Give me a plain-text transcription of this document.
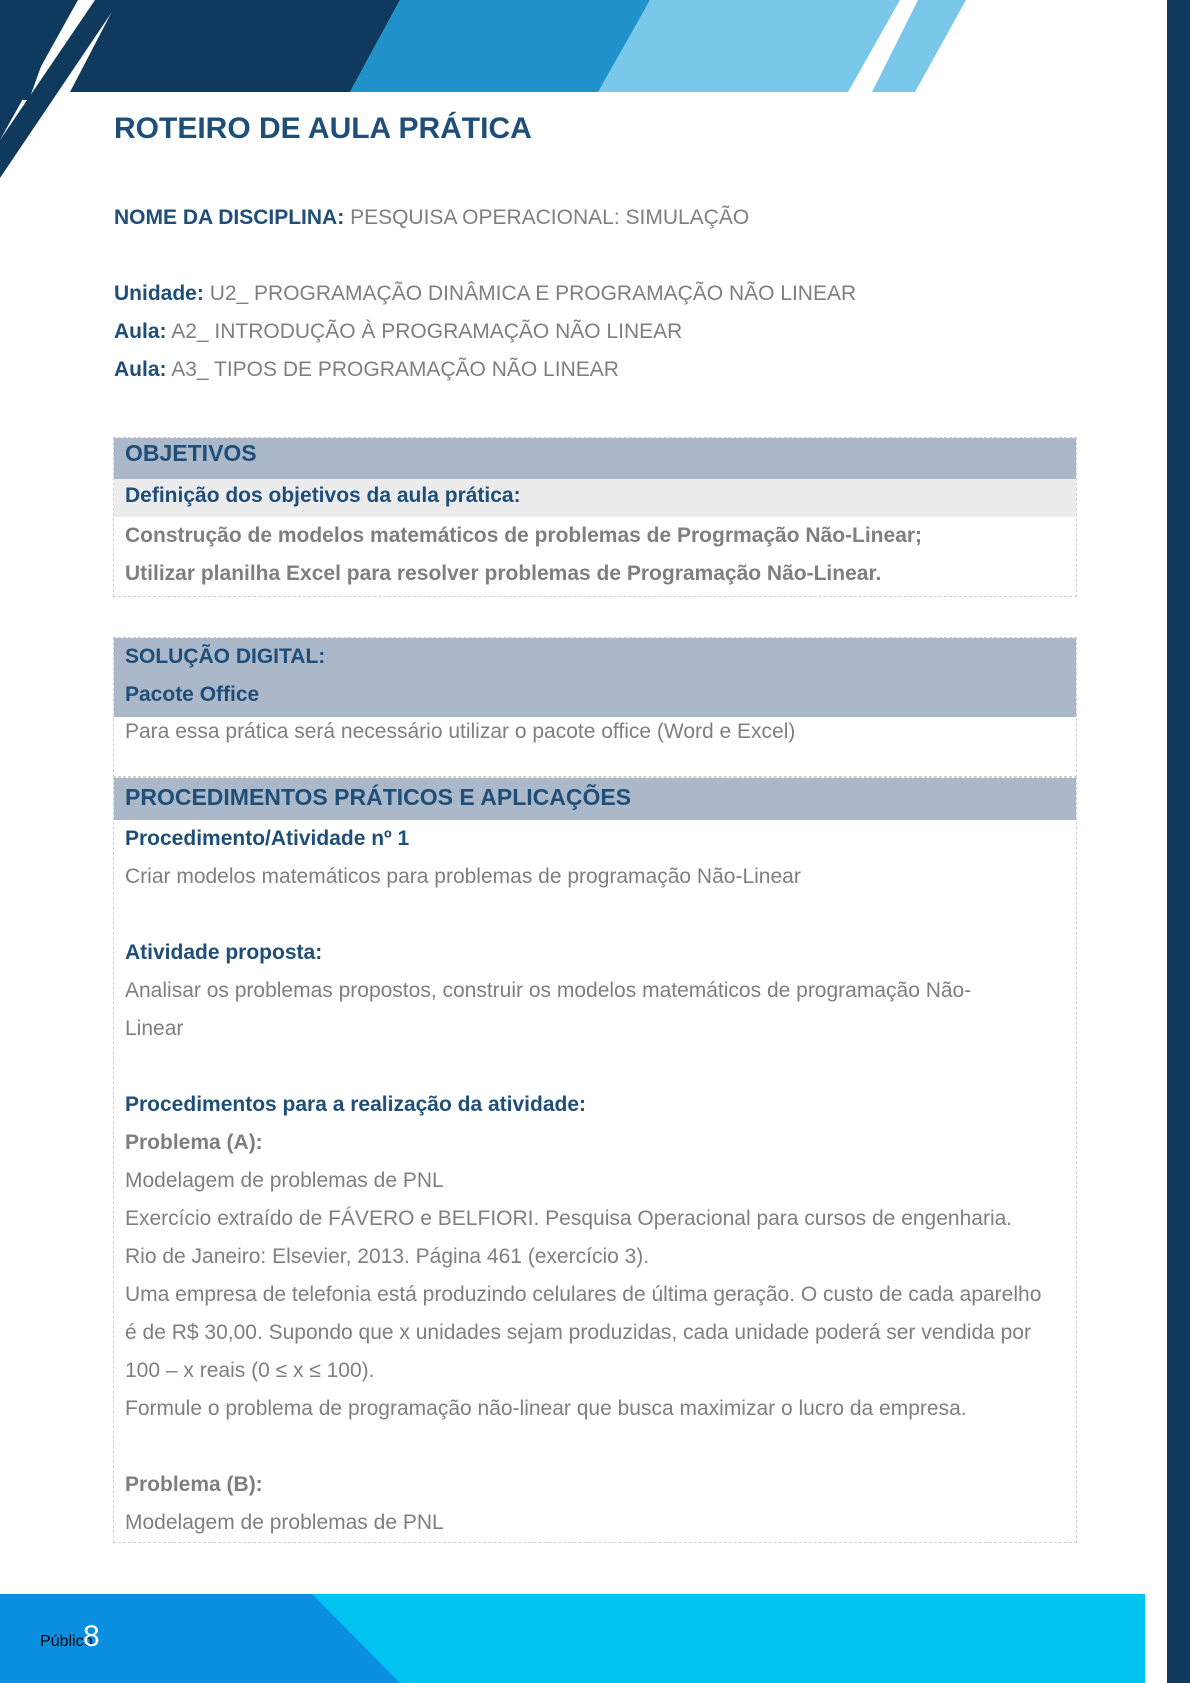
ROTEIRO DE AULA PRÁTICA
NOME DA DISCIPLINA: PESQUISA OPERACIONAL: SIMULAÇÃO
Unidade: U2_ PROGRAMAÇÃO DINÂMICA E PROGRAMAÇÃO NÃO LINEAR
Aula: A2_ INTRODUÇÃO À PROGRAMAÇÃO NÃO LINEAR
Aula: A3_ TIPOS DE PROGRAMAÇÃO NÃO LINEAR
OBJETIVOS
Definição dos objetivos da aula prática:
Construção de modelos matemáticos de problemas de Progrmação Não-Linear;
Utilizar planilha Excel para resolver problemas de Programação Não-Linear.
SOLUÇÃO DIGITAL:
Pacote Office
Para essa prática será necessário utilizar o pacote office (Word e Excel)
PROCEDIMENTOS PRÁTICOS E APLICAÇÕES
Procedimento/Atividade nº 1
Criar modelos matemáticos para problemas de programação Não-Linear
Atividade proposta:
Analisar os problemas propostos, construir os modelos matemáticos de programação Não-
Linear
Procedimentos para a realização da atividade:
Problema (A):
Modelagem de problemas de PNL
Exercício extraído de FÁVERO e BELFIORI. Pesquisa Operacional para cursos de engenharia.
Rio de Janeiro: Elsevier, 2013. Página 461 (exercício 3).
Uma empresa de telefonia está produzindo celulares de última geração. O custo de cada aparelho
é de R$ 30,00. Supondo que x unidades sejam produzidas, cada unidade poderá ser vendida por
100 – x reais (0 ≤ x ≤ 100).
Formule o problema de programação não-linear que busca maximizar o lucro da empresa.
Problema (B):
Modelagem de problemas de PNL
Público
8
